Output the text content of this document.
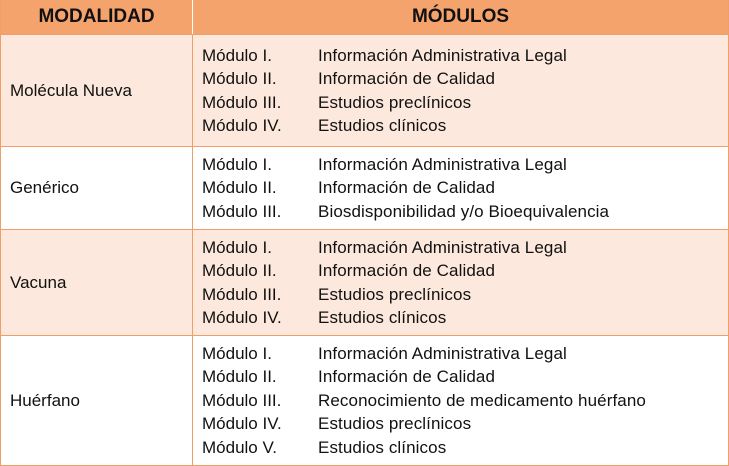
MODALIDAD	MÓDULOS
Molécula Nueva
Módulo I.	Información Administrativa Legal
Módulo II.	Información de Calidad
Módulo III.	Estudios preclínicos
Módulo IV.	Estudios clínicos
Genérico
Módulo I.	Información Administrativa Legal
Módulo II.	Información de Calidad
Módulo III.	Biosdisponibilidad y/o Bioequivalencia
Vacuna
Módulo I.	Información Administrativa Legal
Módulo II.	Información de Calidad
Módulo III.	Estudios preclínicos
Módulo IV.	Estudios clínicos
Huérfano
Módulo I.	Información Administrativa Legal
Módulo II.	Información de Calidad
Módulo III.	Reconocimiento de medicamento huérfano
Módulo IV.	Estudios preclínicos
Módulo V.	Estudios clínicos
